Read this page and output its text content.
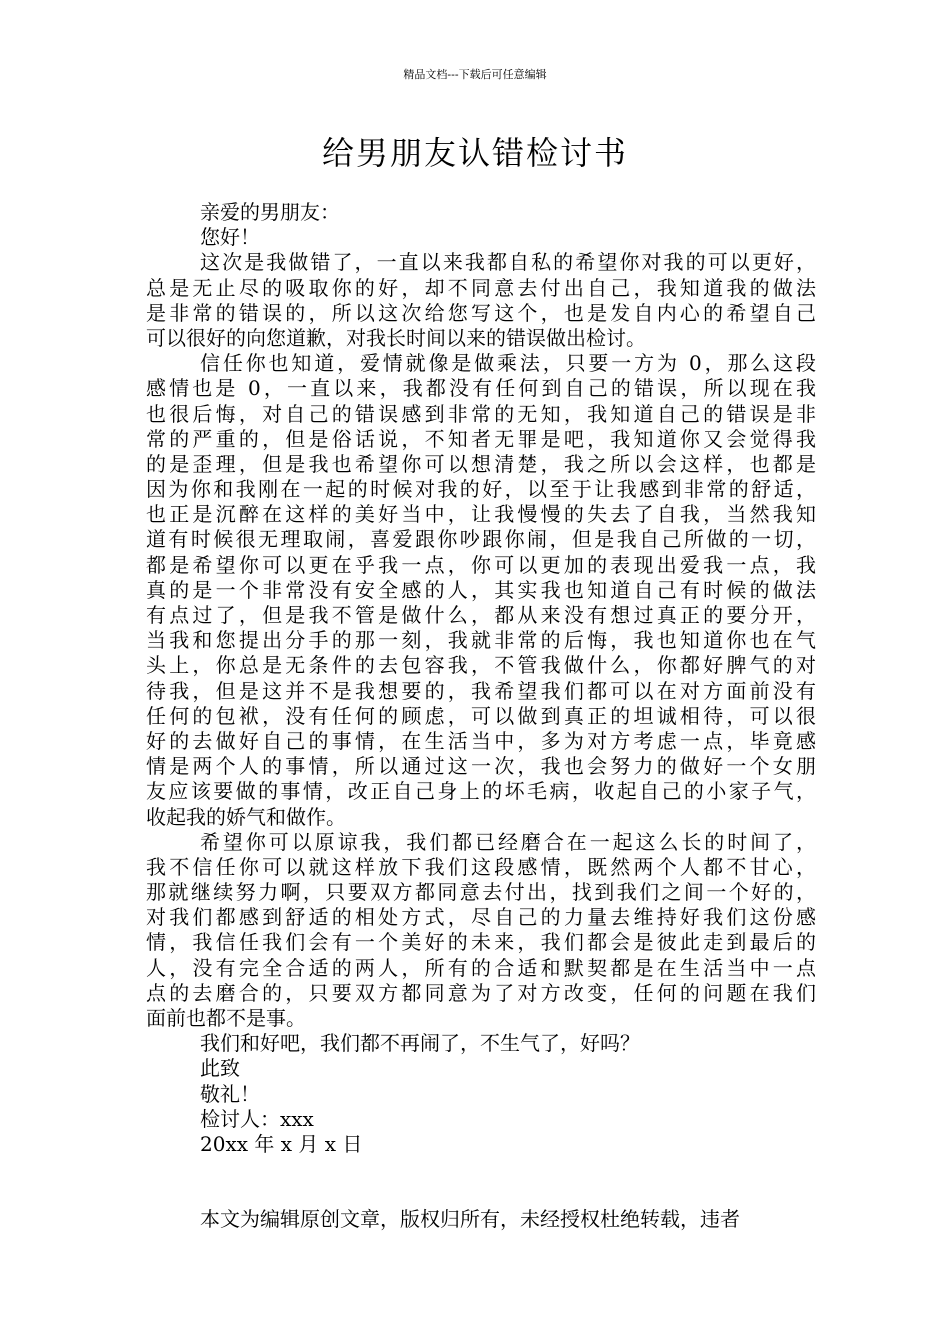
精品文档---下载后可任意编辑
给男朋友认错检讨书
亲爱的男朋友：
您好！
这次是我做错了，一直以来我都自私的希望你对我的可以更好，
总是无止尽的吸取你的好，却不同意去付出自己，我知道我的做法
是非常的错误的，所以这次给您写这个，也是发自内心的希望自己
可以很好的向您道歉，对我长时间以来的错误做出检讨。
信任你也知道，爱情就像是做乘法，只要一方为 0，那么这段
感情也是 0，一直以来，我都没有任何到自己的错误，所以现在我
也很后悔，对自己的错误感到非常的无知，我知道自己的错误是非
常的严重的，但是俗话说，不知者无罪是吧，我知道你又会觉得我
的是歪理，但是我也希望你可以想清楚，我之所以会这样，也都是
因为你和我刚在一起的时候对我的好，以至于让我感到非常的舒适，
也正是沉醉在这样的美好当中，让我慢慢的失去了自我，当然我知
道有时候很无理取闹，喜爱跟你吵跟你闹，但是我自己所做的一切，
都是希望你可以更在乎我一点，你可以更加的表现出爱我一点，我
真的是一个非常没有安全感的人，其实我也知道自己有时候的做法
有点过了，但是我不管是做什么，都从来没有想过真正的要分开，
当我和您提出分手的那一刻，我就非常的后悔，我也知道你也在气
头上，你总是无条件的去包容我，不管我做什么，你都好脾气的对
待我，但是这并不是我想要的，我希望我们都可以在对方面前没有
任何的包袱，没有任何的顾虑，可以做到真正的坦诚相待，可以很
好的去做好自己的事情，在生活当中，多为对方考虑一点，毕竟感
情是两个人的事情，所以通过这一次，我也会努力的做好一个女朋
友应该要做的事情，改正自己身上的坏毛病，收起自己的小家子气，
收起我的娇气和做作。
希望你可以原谅我，我们都已经磨合在一起这么长的时间了，
我不信任你可以就这样放下我们这段感情，既然两个人都不甘心，
那就继续努力啊，只要双方都同意去付出，找到我们之间一个好的，
对我们都感到舒适的相处方式，尽自己的力量去维持好我们这份感
情，我信任我们会有一个美好的未来，我们都会是彼此走到最后的
人，没有完全合适的两人，所有的合适和默契都是在生活当中一点
点的去磨合的，只要双方都同意为了对方改变，任何的问题在我们
面前也都不是事。
我们和好吧，我们都不再闹了，不生气了，好吗？
此致
敬礼！
检讨人：xxx
20xx 年 x 月 x 日
本文为编辑原创文章，版权归所有，未经授权杜绝转载，违者
